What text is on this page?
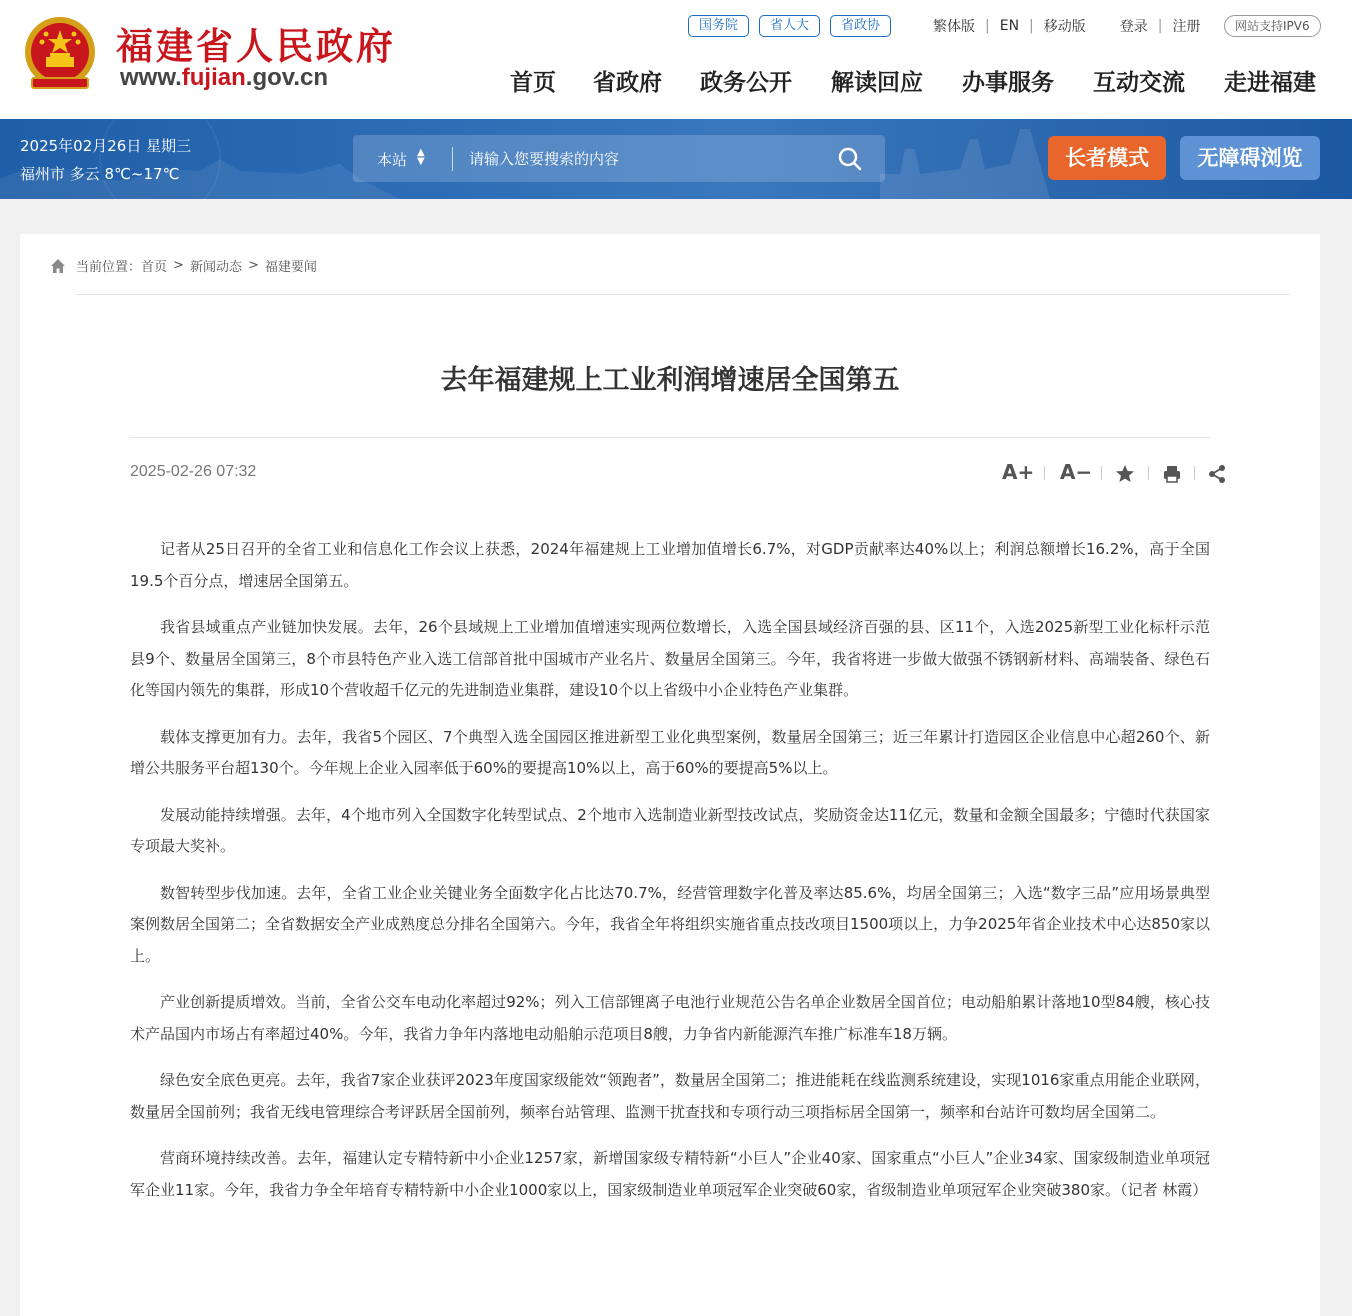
福建省人民政府
www.fujian.gov.cn
国务院	省人大	省政协	繁体版 | EN | 移动版 登录 | 注册	网站支持IPV6
首页 省政府 政务公开 解读回应 办事服务 互动交流 走进福建
2025年02月26日 星期三
福州市 多云 8℃~17℃
本站 ▲
▼
请输入您要搜索的内容	长者模式	无障碍浏览
当前位置： 首页 > 新闻动态 > 福建要闻
去年福建规上工业利润增速居全国第五
2025-02-26 07:32	A+ A−

记者从25日召开的全省工业和信息化工作会议上获悉，2024年福建规上工业增加值增长6.7%，对GDP贡献率达40%以上；利润总额增长16.2%，高于全国19.5个百分点，增速居全国第五。

我省县域重点产业链加快发展。去年，26个县域规上工业增加值增速实现两位数增长，入选全国县域经济百强的县、区11个，入选2025新型工业化标杆示范县9个、数量居全国第三，8个市县特色产业入选工信部首批中国城市产业名片、数量居全国第三。今年，我省将进一步做大做强不锈钢新材料、高端装备、绿色石化等国内领先的集群，形成10个营收超千亿元的先进制造业集群，建设10个以上省级中小企业特色产业集群。

载体支撑更加有力。去年，我省5个园区、7个典型入选全国园区推进新型工业化典型案例，数量居全国第三；近三年累计打造园区企业信息中心超260个、新增公共服务平台超130个。今年规上企业入园率低于60%的要提高10%以上，高于60%的要提高5%以上。

发展动能持续增强。去年，4个地市列入全国数字化转型试点、2个地市入选制造业新型技改试点，奖励资金达11亿元，数量和金额全国最多；宁德时代获国家专项最大奖补。

数智转型步伐加速。去年，全省工业企业关键业务全面数字化占比达70.7%，经营管理数字化普及率达85.6%，均居全国第三；入选“数字三品”应用场景典型案例数居全国第二；全省数据安全产业成熟度总分排名全国第六。今年，我省全年将组织实施省重点技改项目1500项以上，力争2025年省企业技术中心达850家以上。

产业创新提质增效。当前，全省公交车电动化率超过92%；列入工信部锂离子电池行业规范公告名单企业数居全国首位；电动船舶累计落地10型84艘，核心技术产品国内市场占有率超过40%。今年，我省力争年内落地电动船舶示范项目8艘，力争省内新能源汽车推广标准车18万辆。

绿色安全底色更亮。去年，我省7家企业获评2023年度国家级能效“领跑者”，数量居全国第二；推进能耗在线监测系统建设，实现1016家重点用能企业联网，数量居全国前列；我省无线电管理综合考评跃居全国前列，频率台站管理、监测干扰查找和专项行动三项指标居全国第一，频率和台站许可数均居全国第二。

营商环境持续改善。去年，福建认定专精特新中小企业1257家，新增国家级专精特新“小巨人”企业40家、国家重点“小巨人”企业34家、国家级制造业单项冠军企业11家。今年，我省力争全年培育专精特新中小企业1000家以上，国家级制造业单项冠军企业突破60家，省级制造业单项冠军企业突破380家。（记者 林霞）
